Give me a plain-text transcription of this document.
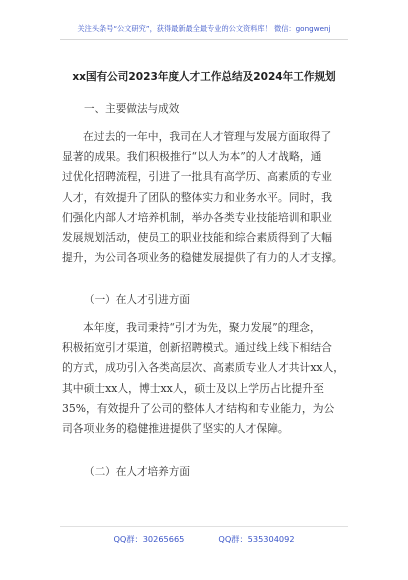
关注头条号“公文研究”，获得最新最全最专业的公文资料库！ 微信：gongwenj
xx国有公司2023年度人才工作总结及2024年工作规划
一、主要做法与成效
在过去的一年中，我司在人才管理与发展方面取得了
显著的成果。我们积极推行“以人为本”的人才战略，通
过优化招聘流程，引进了一批具有高学历、高素质的专业
人才，有效提升了团队的整体实力和业务水平。同时，我
们强化内部人才培养机制，举办各类专业技能培训和职业
发展规划活动，使员工的职业技能和综合素质得到了大幅
提升，为公司各项业务的稳健发展提供了有力的人才支撑。
（一）在人才引进方面
本年度，我司秉持“引才为先，聚力发展”的理念，
积极拓宽引才渠道，创新招聘模式。通过线上线下相结合
的方式，成功引入各类高层次、高素质专业人才共计xx人，
其中硕士xx人，博士xx人，硕士及以上学历占比提升至
35%，有效提升了公司的整体人才结构和专业能力，为公
司各项业务的稳健推进提供了坚实的人才保障。
（二）在人才培养方面
QQ群：30265665	QQ群：535304092
